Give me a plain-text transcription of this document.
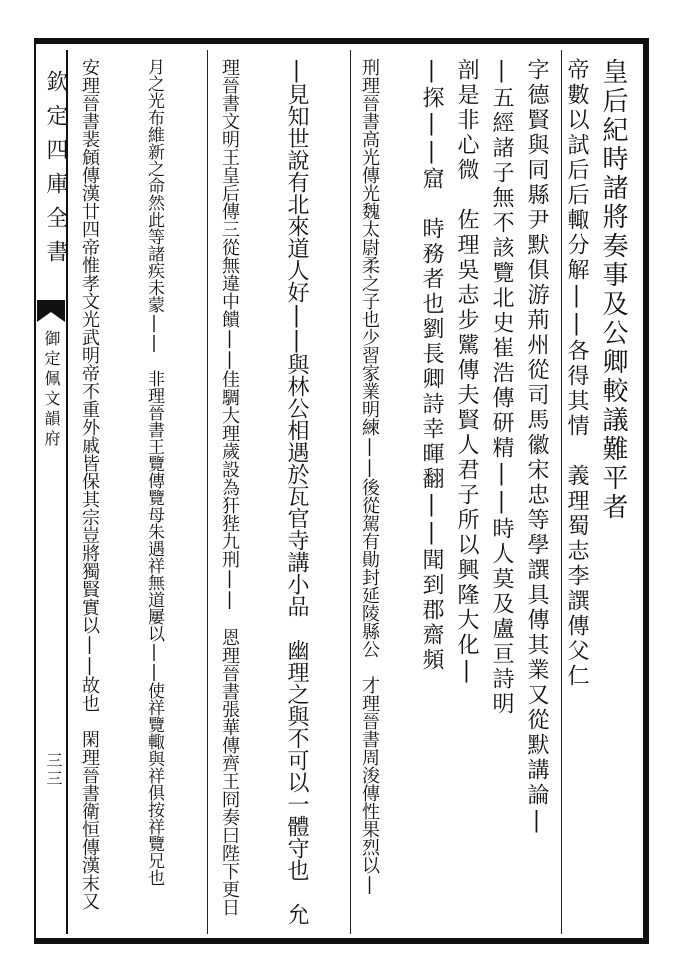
欽定四庫全書
御定佩文韻府
三三
皇后紀時諸將奏事及公卿較議難平者
帝數以試后后輙分解||各得其情　義理蜀志李譔傳父仁
字德賢與同縣尹默俱游荊州從司馬徽宋忠等學譔具傳其業又從默講論|
|五經諸子無不該覽北史崔浩傳研精||時人莫及盧亘詩明
剖是非心微　佐理吳志步騭傳夫賢人君子所以興隆大化|
|探||窟　時務者也劉長卿詩幸暉翻||聞到郡齋頻
刑理晉書高光傳光魏太尉柔之子也少習家業明練||後從駕有勛封延陵縣公　才理晉書周浚傳性果烈以|
|見知世說有北來道人好||與林公相遇於瓦官寺講小品　幽理之與不可以一體守也　允
理晉書文明王皇后傳三從無違中饋||佳騆大理歲設為犴狴九刑||　恩理晉書張華傳齊王冏奏曰陛下更日
月之光布維新之命然此等諸疾未蒙||　非理晉書王覽傳覽母朱遇祥無道屢以||使祥覽輙與祥俱按祥覽兄也
安理晉書裴頠傳漢廿四帝惟孝文光武明帝不重外戚皆保其宗豈將獨賢實以||故也　閑理晉書衛恒傳漢末又
